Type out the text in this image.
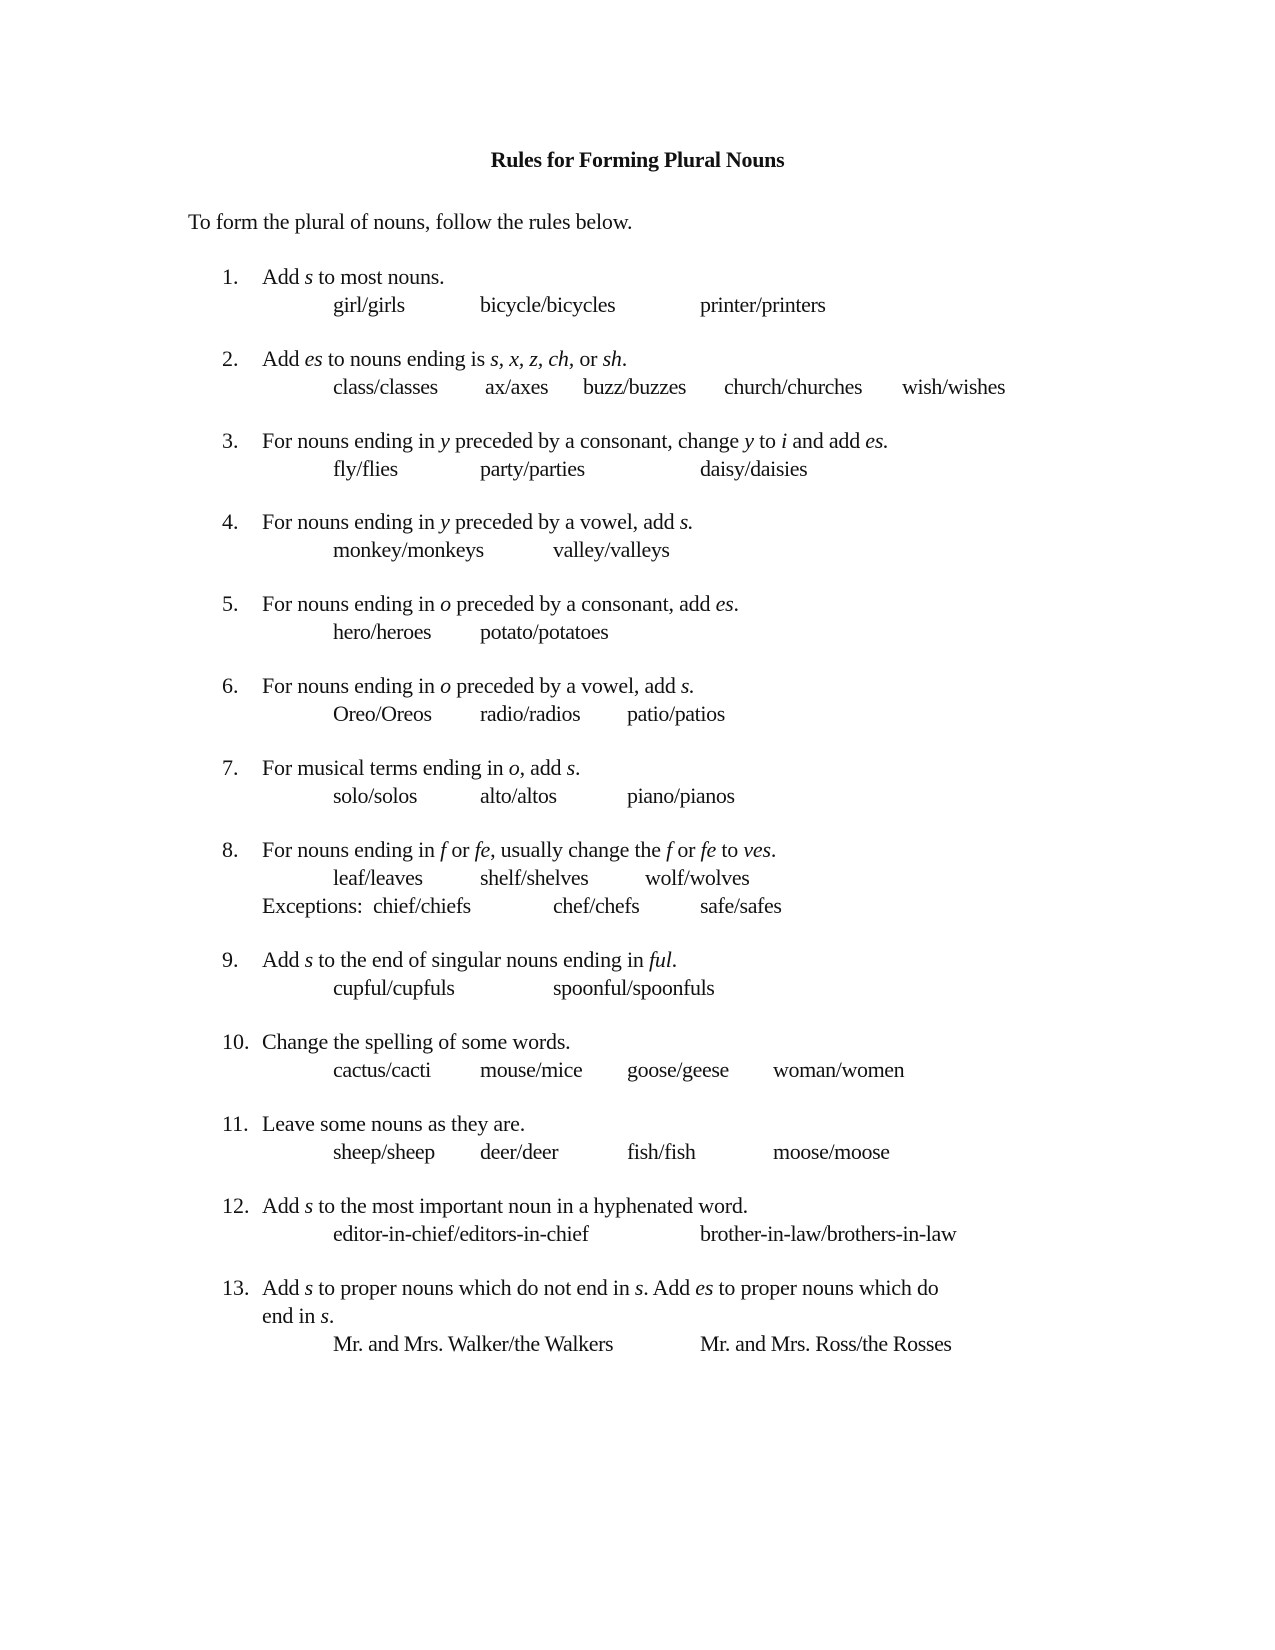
Rules for Forming Plural Nouns
To form the plural of nouns, follow the rules below.
1.	Add s to most nouns.
girl/girls	bicycle/bicycles	printer/printers
2.	Add es to nouns ending is s, x, z, ch, or sh.
class/classes ax/axes buzz/buzzes church/churches wish/wishes
3.	For nouns ending in y preceded by a consonant, change y to i and add es.
fly/flies	party/parties	daisy/daisies
4.	For nouns ending in y preceded by a vowel, add s.
monkey/monkeys	valley/valleys
5.	For nouns ending in o preceded by a consonant, add es.
hero/heroes potato/potatoes
6.	For nouns ending in o preceded by a vowel, add s.
Oreo/Oreos radio/radios patio/patios
7.	For musical terms ending in o, add s.
solo/solos	alto/altos	piano/pianos
8.	For nouns ending in f or fe, usually change the f or fe to ves.
leaf/leaves	shelf/shelves	wolf/wolves
Exceptions: chief/chiefs	chef/chefs	safe/safes
9.	Add s to the end of singular nouns ending in ful.
cupful/cupfuls	spoonful/spoonfuls
10. Change the spelling of some words.
cactus/cacti mouse/mice goose/geese woman/women
11. Leave some nouns as they are.
sheep/sheep deer/deer	fish/fish	moose/moose
12. Add s to the most important noun in a hyphenated word.
editor-in-chief/editors-in-chief	brother-in-law/brothers-in-law
13. Add s to proper nouns which do not end in s. Add es to proper nouns which do
end in s.
Mr. and Mrs. Walker/the Walkers	Mr. and Mrs. Ross/the Rosses
